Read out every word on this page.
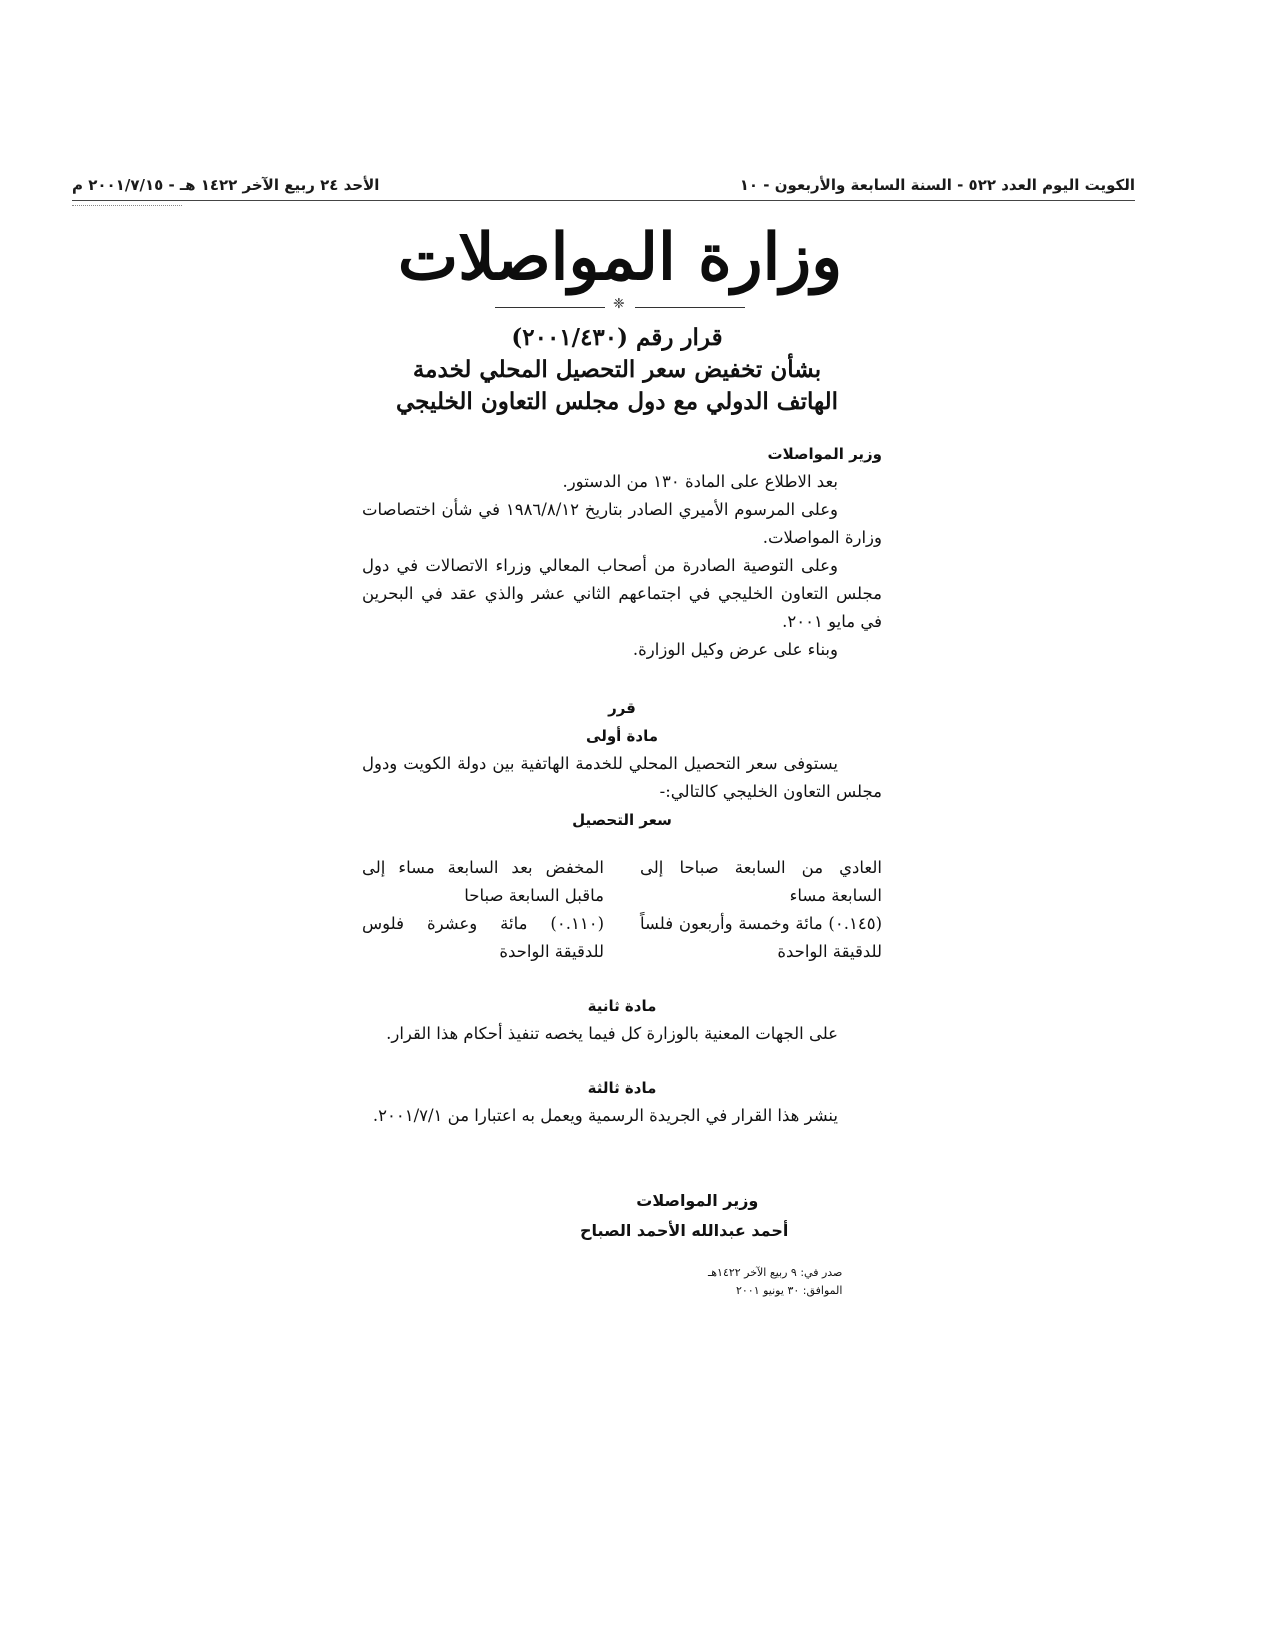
الكويت اليوم العدد ٥٢٢ - السنة السابعة والأربعون - ١٠
الأحد ٢٤ ربيع الآخر ١٤٢٢ هـ - ٢٠٠١/٧/١٥ م
وزارة المواصلات
❈
قرار رقم (٢٠٠١/٤٣٠)
بشأن تخفيض سعر التحصيل المحلي لخدمة
الهاتف الدولي مع دول مجلس التعاون الخليجي

وزير المواصلات

بعد الاطلاع على المادة ١٣٠ من الدستور.

وعلى المرسوم الأميري الصادر بتاريخ ١٩٨٦/٨/١٢ في شأن اختصاصات وزارة المواصلات.

وعلى التوصية الصادرة من أصحاب المعالي وزراء الاتصالات في دول مجلس التعاون الخليجي في اجتماعهم الثاني عشر والذي عقد في البحرين في مايو ٢٠٠١.

وبناء على عرض وكيل الوزارة.

قرر

مادة أولى

يستوفى سعر التحصيل المحلي للخدمة الهاتفية بين دولة الكويت ودول مجلس التعاون الخليجي كالتالي:-

سعر التحصيل

العادي من السابعة صباحا إلى السابعة مساء

(٠.١٤٥) مائة وخمسة وأربعون فلساً للدقيقة الواحدة

المخفض بعد السابعة مساء إلى ماقبل السابعة صباحا

(٠.١١٠) مائة وعشرة فلوس للدقيقة الواحدة

مادة ثانية

على الجهات المعنية بالوزارة كل فيما يخصه تنفيذ أحكام هذا القرار.

مادة ثالثة

ينشر هذا القرار في الجريدة الرسمية ويعمل به اعتبارا من ٢٠٠١/٧/١.

وزير المواصلات
أحمد عبدالله الأحمد الصباح
صدر في: ٩ ربيع الآخر ١٤٢٢هـ
الموافق: ٣٠ يونيو ٢٠٠١
